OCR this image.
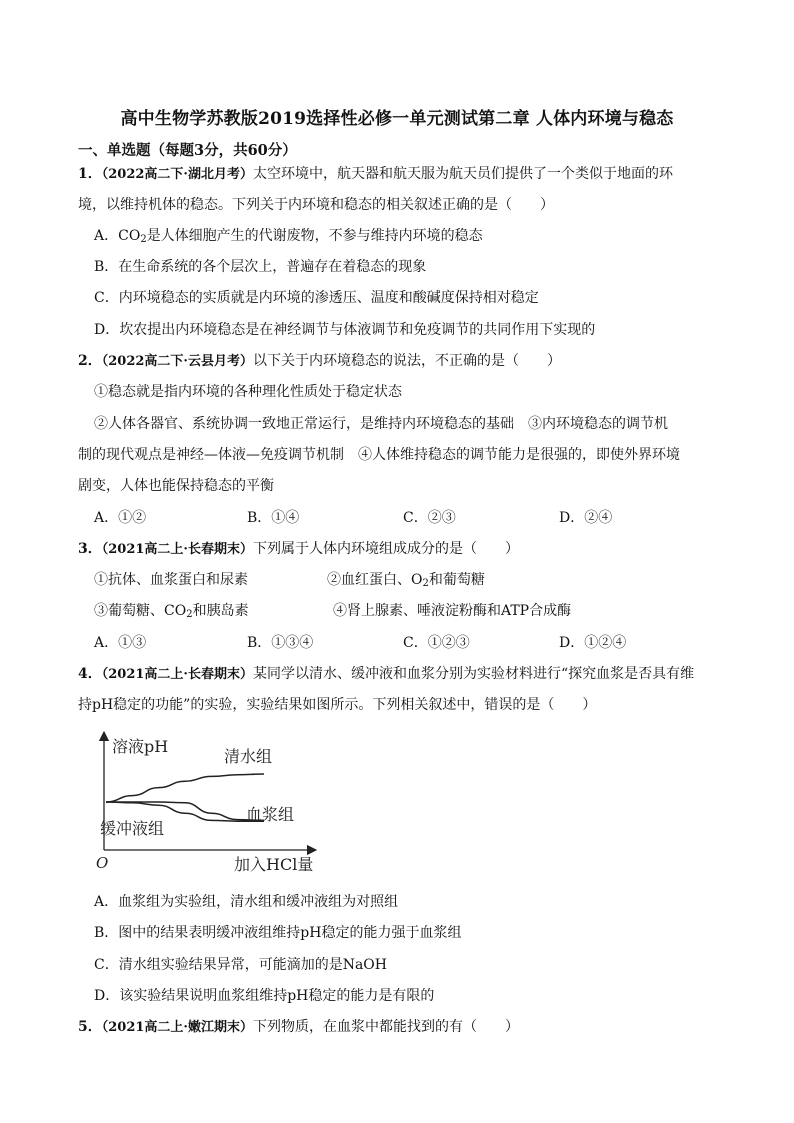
高中生物学苏教版2019选择性必修一单元测试第二章 人体内环境与稳态
一、单选题（每题3分，共60分）
1．（2022高二下·湖北月考）太空环境中，航天器和航天服为航天员们提供了一个类似于地面的环
境，以维持机体的稳态。下列关于内环境和稳态的相关叙述正确的是（　　）
A．$CO_2$是人体细胞产生的代谢废物，不参与维持内环境的稳态
B．在生命系统的各个层次上，普遍存在着稳态的现象
C．内环境稳态的实质就是内环境的渗透压、温度和酸碱度保持相对稳定
D．坎农提出内环境稳态是在神经调节与体液调节和免疫调节的共同作用下实现的
2．（2022高二下·云县月考）以下关于内环境稳态的说法，不正确的是（　　）
①稳态就是指内环境的各种理化性质处于稳定状态
②人体各器官、系统协调一致地正常运行，是维持内环境稳态的基础　③内环境稳态的调节机
制的现代观点是神经—体液—免疫调节机制　④人体维持稳态的调节能力是很强的，即使外界环境
剧变，人体也能保持稳态的平衡
A．①②	B．①④	C．②③	D．②④
3．（2021高二上·长春期末）下列属于人体内环境组成成分的是（　　）
①抗体、血浆蛋白和尿素	②血红蛋白、$O_2$和葡萄糖
③葡萄糖、$CO_2$和胰岛素	④肾上腺素、唾液淀粉酶和ATP合成酶
A．①③	B．①③④	C．①②③	D．①②④
4．（2021高二上·长春期末）某同学以清水、缓冲液和血浆分别为实验材料进行“探究血浆是否具有维
持pH稳定的功能”的实验，实验结果如图所示。下列相关叙述中，错误的是（　　）
溶液pH
加入HCl量
O
清水组
血浆组
缓冲液组
A．血浆组为实验组，清水组和缓冲液组为对照组
B．图中的结果表明缓冲液组维持pH稳定的能力强于血浆组
C．清水组实验结果异常，可能滴加的是NaOH
D．该实验结果说明血浆组维持pH稳定的能力是有限的
5．（2021高二上·嫩江期末）下列物质，在血浆中都能找到的有（　　）
